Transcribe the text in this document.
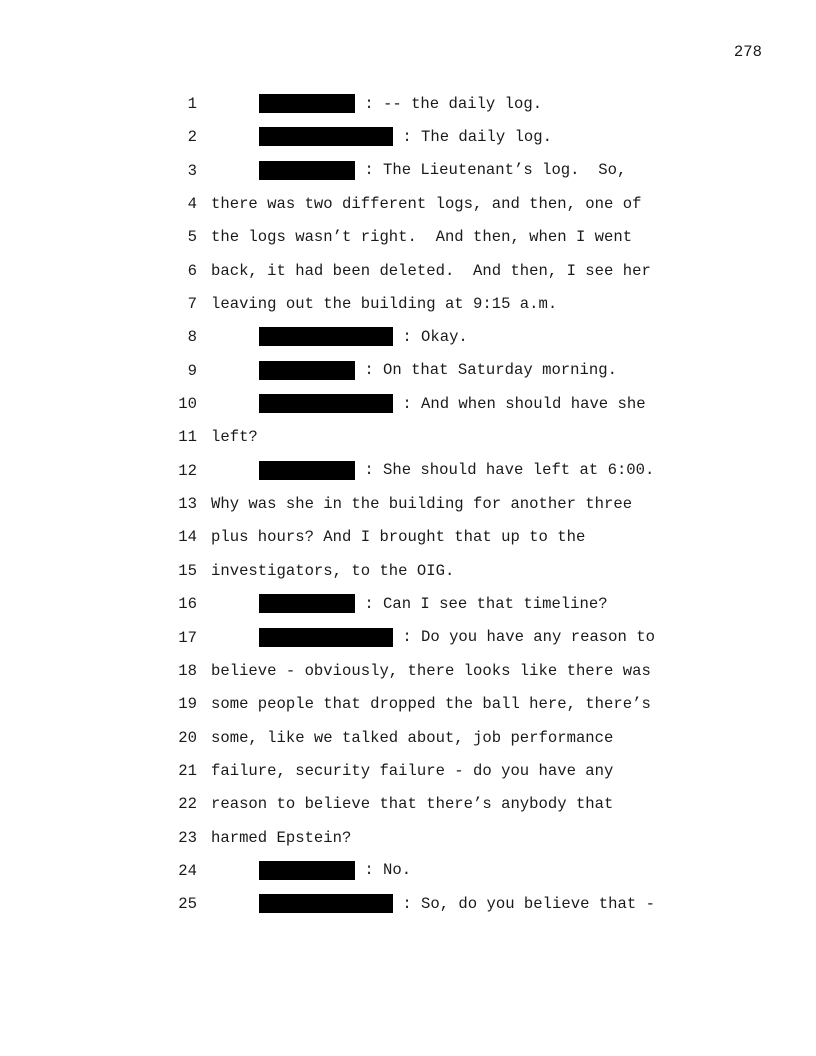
278
1	: -- the daily log.
2	: The daily log.
3	: The Lieutenant’s log.  So,
4 there was two different logs, and then, one of
5 the logs wasn’t right.  And then, when I went
6 back, it had been deleted.  And then, I see her
7 leaving out the building at 9:15 a.m.
8	: Okay.
9	: On that Saturday morning.
10	: And when should have she
11 left?
12	: She should have left at 6:00.
13 Why was she in the building for another three
14 plus hours? And I brought that up to the
15 investigators, to the OIG.
16	: Can I see that timeline?
17	: Do you have any reason to
18 believe - obviously, there looks like there was
19 some people that dropped the ball here, there’s
20 some, like we talked about, job performance
21 failure, security failure - do you have any
22 reason to believe that there’s anybody that
23 harmed Epstein?
24	: No.
25	: So, do you believe that -
